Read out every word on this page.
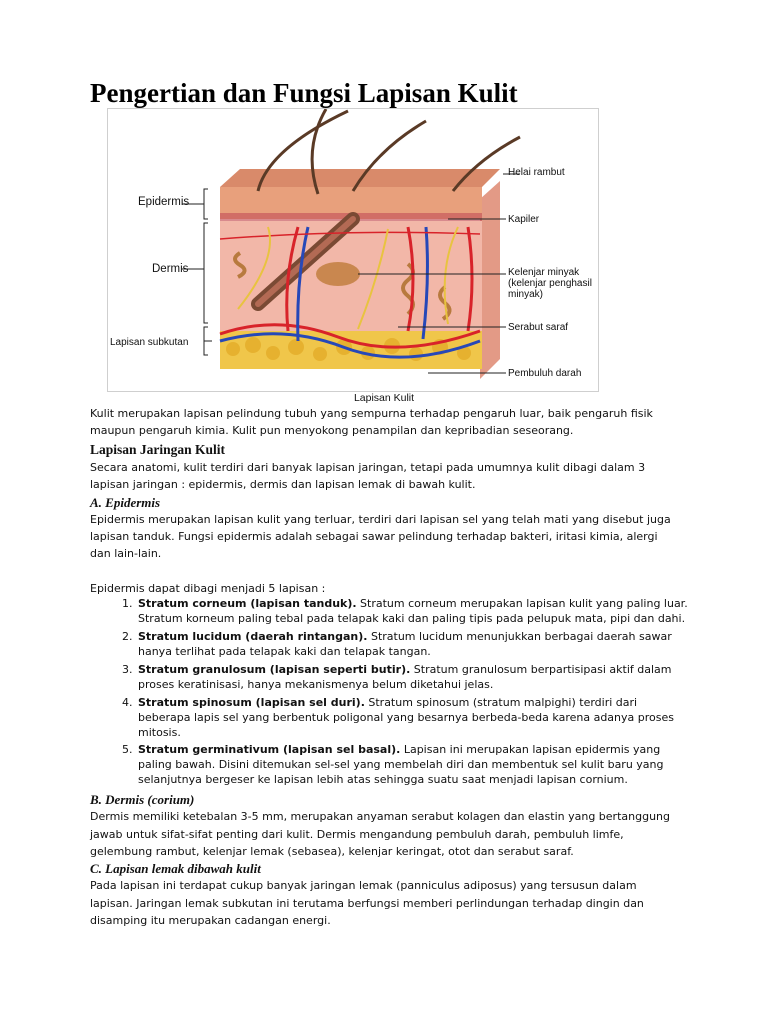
Pengertian dan Fungsi Lapisan Kulit
Epidermis
Dermis
Lapisan subkutan
Helai rambut
Kapiler
Kelenjar minyak
(kelenjar penghasil
minyak)
Serabut saraf
Pembuluh darah
Lapisan Kulit

Kulit merupakan lapisan pelindung tubuh yang sempurna terhadap pengaruh luar, baik pengaruh fisik

maupun pengaruh kimia. Kulit pun menyokong penampilan dan kepribadian seseorang.

Lapisan Jaringan Kulit

Secara anatomi, kulit terdiri dari banyak lapisan jaringan, tetapi pada umumnya kulit dibagi dalam 3

lapisan jaringan : epidermis, dermis dan lapisan lemak di bawah kulit.

A. Epidermis

Epidermis merupakan lapisan kulit yang terluar, terdiri dari lapisan sel yang telah mati yang disebut juga

lapisan tanduk. Fungsi epidermis adalah sebagai sawar pelindung terhadap bakteri, iritasi kimia, alergi

dan lain-lain.

Epidermis dapat dibagi menjadi 5 lapisan :

1. Stratum corneum (lapisan tanduk). Stratum corneum merupakan lapisan kulit yang paling luar. Stratum korneum paling tebal pada telapak kaki dan paling tipis pada pelupuk mata, pipi dan dahi.
2. Stratum lucidum (daerah rintangan). Stratum lucidum menunjukkan berbagai daerah sawar hanya terlihat pada telapak kaki dan telapak tangan.
3. Stratum granulosum (lapisan seperti butir). Stratum granulosum berpartisipasi aktif dalam proses keratinisasi, hanya mekanismenya belum diketahui jelas.
4. Stratum spinosum (lapisan sel duri). Stratum spinosum (stratum malpighi) terdiri dari beberapa lapis sel yang berbentuk poligonal yang besarnya berbeda-beda karena adanya proses mitosis.
5. Stratum germinativum (lapisan sel basal). Lapisan ini merupakan lapisan epidermis yang paling bawah. Disini ditemukan sel-sel yang membelah diri dan membentuk sel kulit baru yang selanjutnya bergeser ke lapisan lebih atas sehingga suatu saat menjadi lapisan cornium.

B. Dermis (corium)

Dermis memiliki ketebalan 3-5 mm, merupakan anyaman serabut kolagen dan elastin yang bertanggung

jawab untuk sifat-sifat penting dari kulit. Dermis mengandung pembuluh darah, pembuluh limfe,

gelembung rambut, kelenjar lemak (sebasea), kelenjar keringat, otot dan serabut saraf.

C. Lapisan lemak dibawah kulit

Pada lapisan ini terdapat cukup banyak jaringan lemak (panniculus adiposus) yang tersusun dalam

lapisan. Jaringan lemak subkutan ini terutama berfungsi memberi perlindungan terhadap dingin dan

disamping itu merupakan cadangan energi.
